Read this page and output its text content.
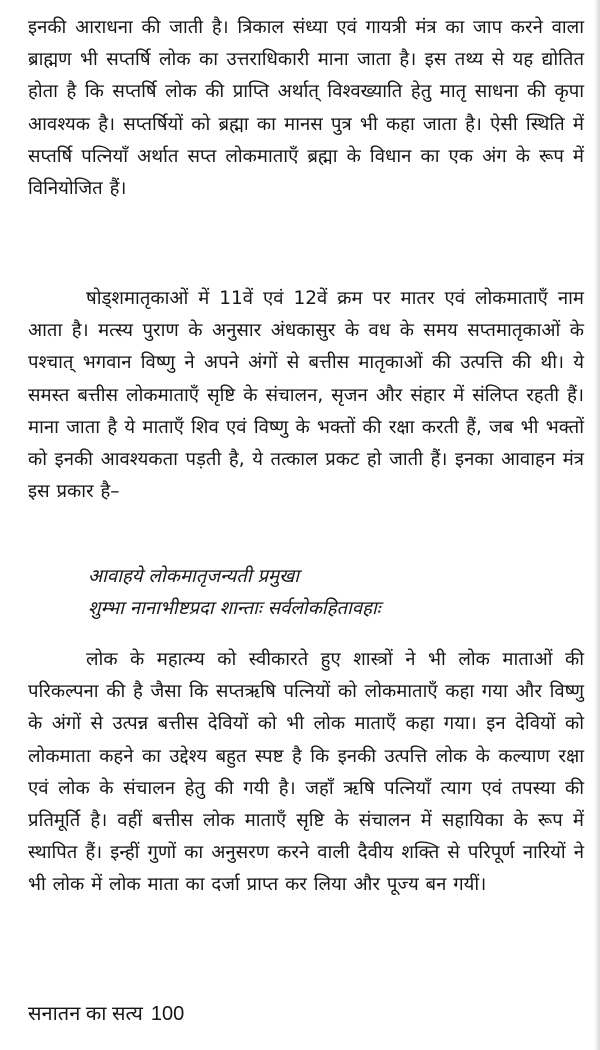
इनकी आराधना की जाती है। त्रिकाल संध्या एवं गायत्री मंत्र का जाप करने वाला ब्राह्मण भी सप्तर्षि लोक का उत्तराधिकारी माना जाता है। इस तथ्य से यह द्योतित होता है कि सप्तर्षि लोक की प्राप्ति अर्थात् विश्वख्याति हेतु मातृ साधना की कृपा आवश्यक है। सप्तर्षियों को ब्रह्मा का मानस पुत्र भी कहा जाता है। ऐसी स्थिति में सप्तर्षि पत्नियाँ अर्थात सप्त लोकमाताएँ ब्रह्मा के विधान का एक अंग के रूप में विनियोजित हैं।

षोड्शमातृकाओं में 11वें एवं 12वें क्रम पर मातर एवं लोकमाताएँ नाम आता है। मत्स्य पुराण के अनुसार अंधकासुर के वध के समय सप्तमातृकाओं के पश्चात् भगवान विष्णु ने अपने अंगों से बत्तीस मातृकाओं की उत्पत्ति की थी। ये समस्त बत्तीस लोकमाताएँ सृष्टि के संचालन, सृजन और संहार में संलिप्त रहती हैं। माना जाता है ये माताएँ शिव एवं विष्णु के भक्तों की रक्षा करती हैं, जब भी भक्तों को इनकी आवश्यकता पड़ती है, ये तत्काल प्रकट हो जाती हैं। इनका आवाहन मंत्र इस प्रकार है–

आवाहये लोकमातृजन्यती प्रमुखा
शुम्भा नानाभीष्टप्रदा शान्ताः सर्वलोकहितावहाः

लोक के महात्म्य को स्वीकारते हुए शास्त्रों ने भी लोक माताओं की परिकल्पना की है जैसा कि सप्तऋषि पत्नियों को लोकमाताएँ कहा गया और विष्णु के अंगों से उत्पन्न बत्तीस देवियों को भी लोक माताएँ कहा गया। इन देवियों को लोकमाता कहने का उद्देश्य बहुत स्पष्ट है कि इनकी उत्पत्ति लोक के कल्याण रक्षा एवं लोक के संचालन हेतु की गयी है। जहाँ ऋषि पत्नियाँ त्याग एवं तपस्या की प्रतिमूर्ति है। वहीं बत्तीस लोक माताएँ सृष्टि के संचालन में सहायिका के रूप में स्थापित हैं। इन्हीं गुणों का अनुसरण करने वाली दैवीय शक्ति से परिपूर्ण नारियों ने भी लोक में लोक माता का दर्जा प्राप्त कर लिया और पूज्य बन गयीं।

सनातन का सत्य 100
